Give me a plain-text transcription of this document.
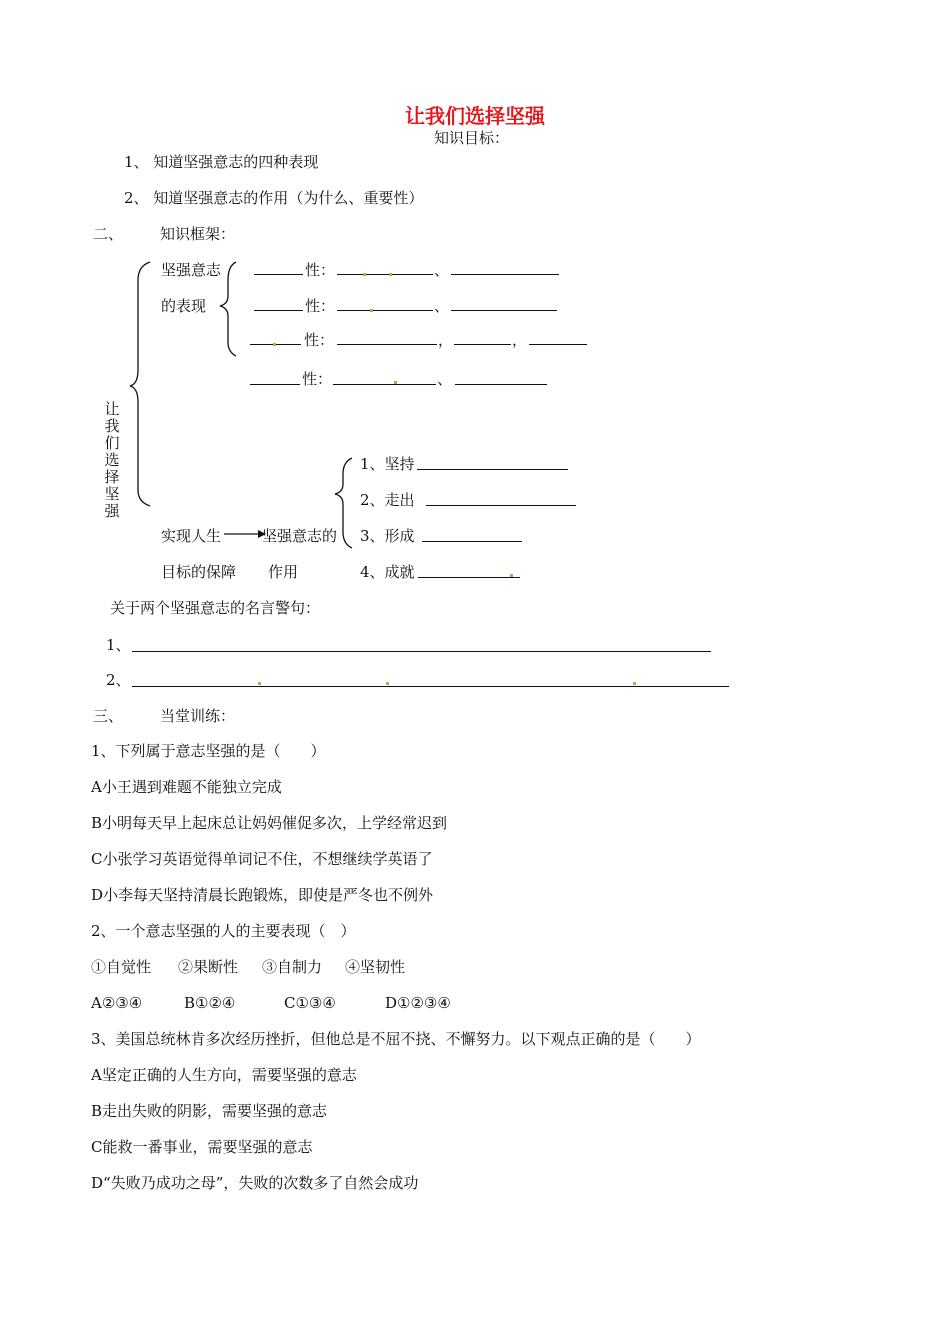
让我们选择坚强
知识目标：
1、 知道坚强意志的四种表现
2、 知道坚强意志的作用（为什么、重要性）
二、 知识框架：
让
我
们
选
择
坚
强
坚强意志
的表现
性：	、
性：	、
性：	，	，
性：	、
1、坚持
2、走出
3、形成
4、成就
实现人生
目标的保障
坚强意志的
作用
关于两个坚强意志的名言警句：
1、
2、
三、 当堂训练：
1、下列属于意志坚强的是（　　）
A小王遇到难题不能独立完成
B小明每天早上起床总让妈妈催促多次，上学经常迟到
C小张学习英语觉得单词记不住，不想继续学英语了
D小李每天坚持清晨长跑锻炼，即使是严冬也不例外
2、一个意志坚强的人的主要表现（　）
①自觉性 ②果断性 ③自制力 ④坚韧性
A②③④	B①②④	C①③④	D①②③④
3、美国总统林肯多次经历挫折，但他总是不屈不挠、不懈努力。以下观点正确的是（　　）
A坚定正确的人生方向，需要坚强的意志
B走出失败的阴影，需要坚强的意志
C能救一番事业，需要坚强的意志
D“失败乃成功之母”，失败的次数多了自然会成功
